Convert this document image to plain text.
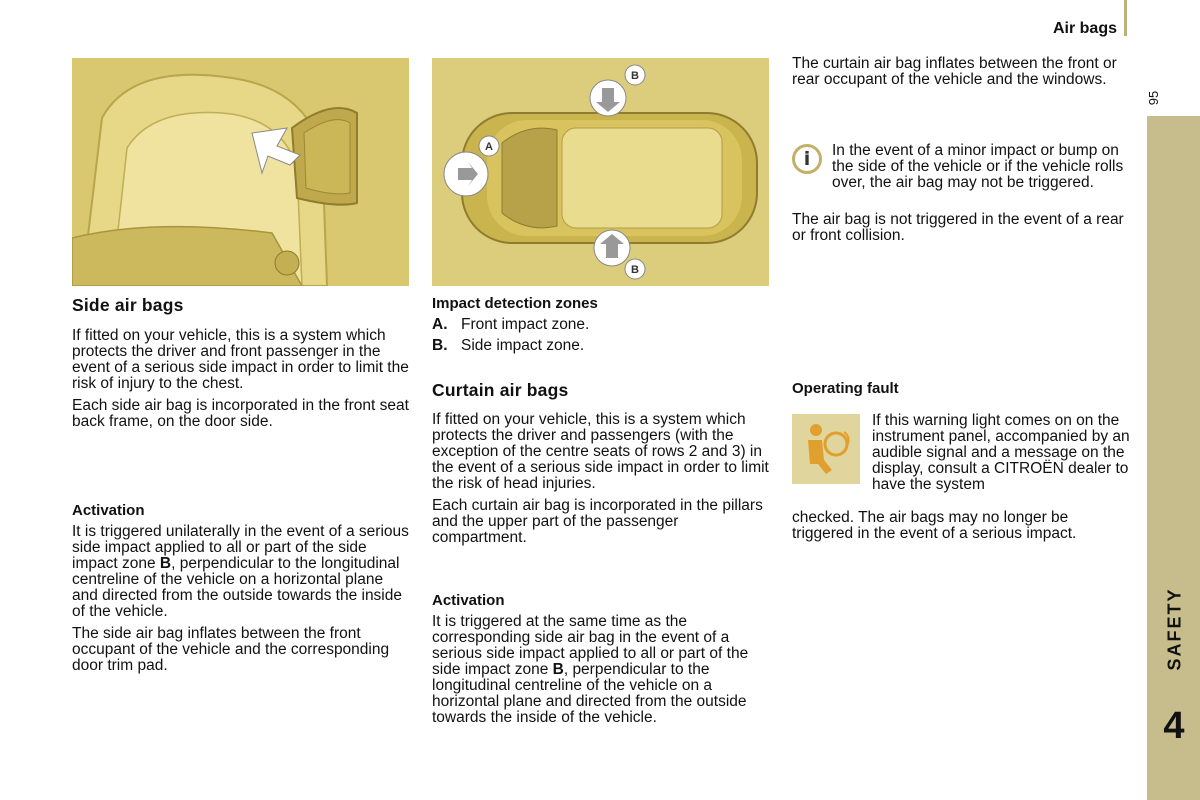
Air bags
95
SAFETY
4
A
B
B
Side air bags

If fitted on your vehicle, this is a system which protects the driver and front passenger in the event of a serious side impact in order to limit the risk of injury to the chest.

Each side air bag is incorporated in the front seat back frame, on the door side.

Activation

It is triggered unilaterally in the event of a serious side impact applied to all or part of the side impact zone B, perpendicular to the longitudinal centreline of the vehicle on a horizontal plane and directed from the outside towards the inside of the vehicle.

The side air bag inflates between the front occupant of the vehicle and the corresponding door trim pad.

Impact detection zones
A. Front impact zone.
B. Side impact zone.
Curtain air bags

If fitted on your vehicle, this is a system which protects the driver and passengers (with the exception of the centre seats of rows 2 and 3) in the event of a serious side impact in order to limit the risk of head injuries.

Each curtain air bag is incorporated in the pillars and the upper part of the passenger compartment.

Activation

It is triggered at the same time as the corresponding side air bag in the event of a serious side impact applied to all or part of the side impact zone B, perpendicular to the longitudinal centreline of the vehicle on a horizontal plane and directed from the outside towards the inside of the vehicle.

The curtain air bag inflates between the front or rear occupant of the vehicle and the windows.

i	In the event of a minor impact or bump on the side of the vehicle or if the vehicle rolls over, the air bag may not be triggered.
The air bag is not triggered in the event of a rear or front collision.
Operating fault
If this warning light comes on on the instrument panel, accompanied by an audible signal and a message on the display, consult a CITROËN dealer to have the system
checked. The air bags may no longer be triggered in the event of a serious impact.
